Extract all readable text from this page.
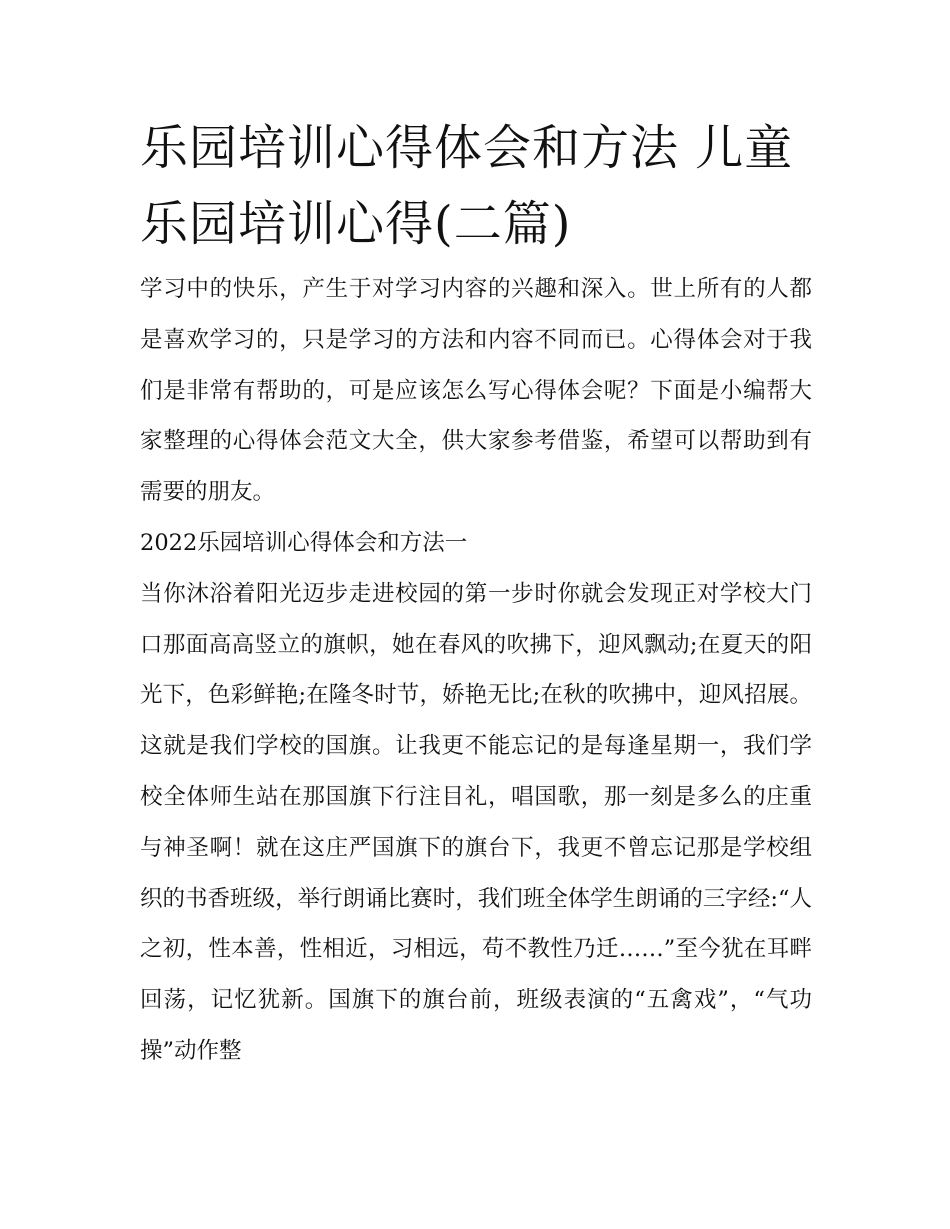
乐园培训心得体会和方法 儿童乐园培训心得(二篇)

学习中的快乐，产生于对学习内容的兴趣和深入。世上所有的人都是喜欢学习的，只是学习的方法和内容不同而已。心得体会对于我们是非常有帮助的，可是应该怎么写心得体会呢？下面是小编帮大家整理的心得体会范文大全，供大家参考借鉴，希望可以帮助到有需要的朋友。

2022乐园培训心得体会和方法一

当你沐浴着阳光迈步走进校园的第一步时你就会发现正对学校大门口那面高高竖立的旗帜，她在春风的吹拂下，迎风飘动;在夏天的阳光下，色彩鲜艳;在隆冬时节，娇艳无比;在秋的吹拂中，迎风招展。这就是我们学校的国旗。让我更不能忘记的是每逢星期一，我们学校全体师生站在那国旗下行注目礼，唱国歌，那一刻是多么的庄重与神圣啊！就在这庄严国旗下的旗台下，我更不曾忘记那是学校组织的书香班级，举行朗诵比赛时，我们班全体学生朗诵的三字经:“人之初，性本善，性相近，习相远，苟不教性乃迁……”至今犹在耳畔回荡，记忆犹新。国旗下的旗台前，班级表演的“五禽戏”，“气功操”动作整
